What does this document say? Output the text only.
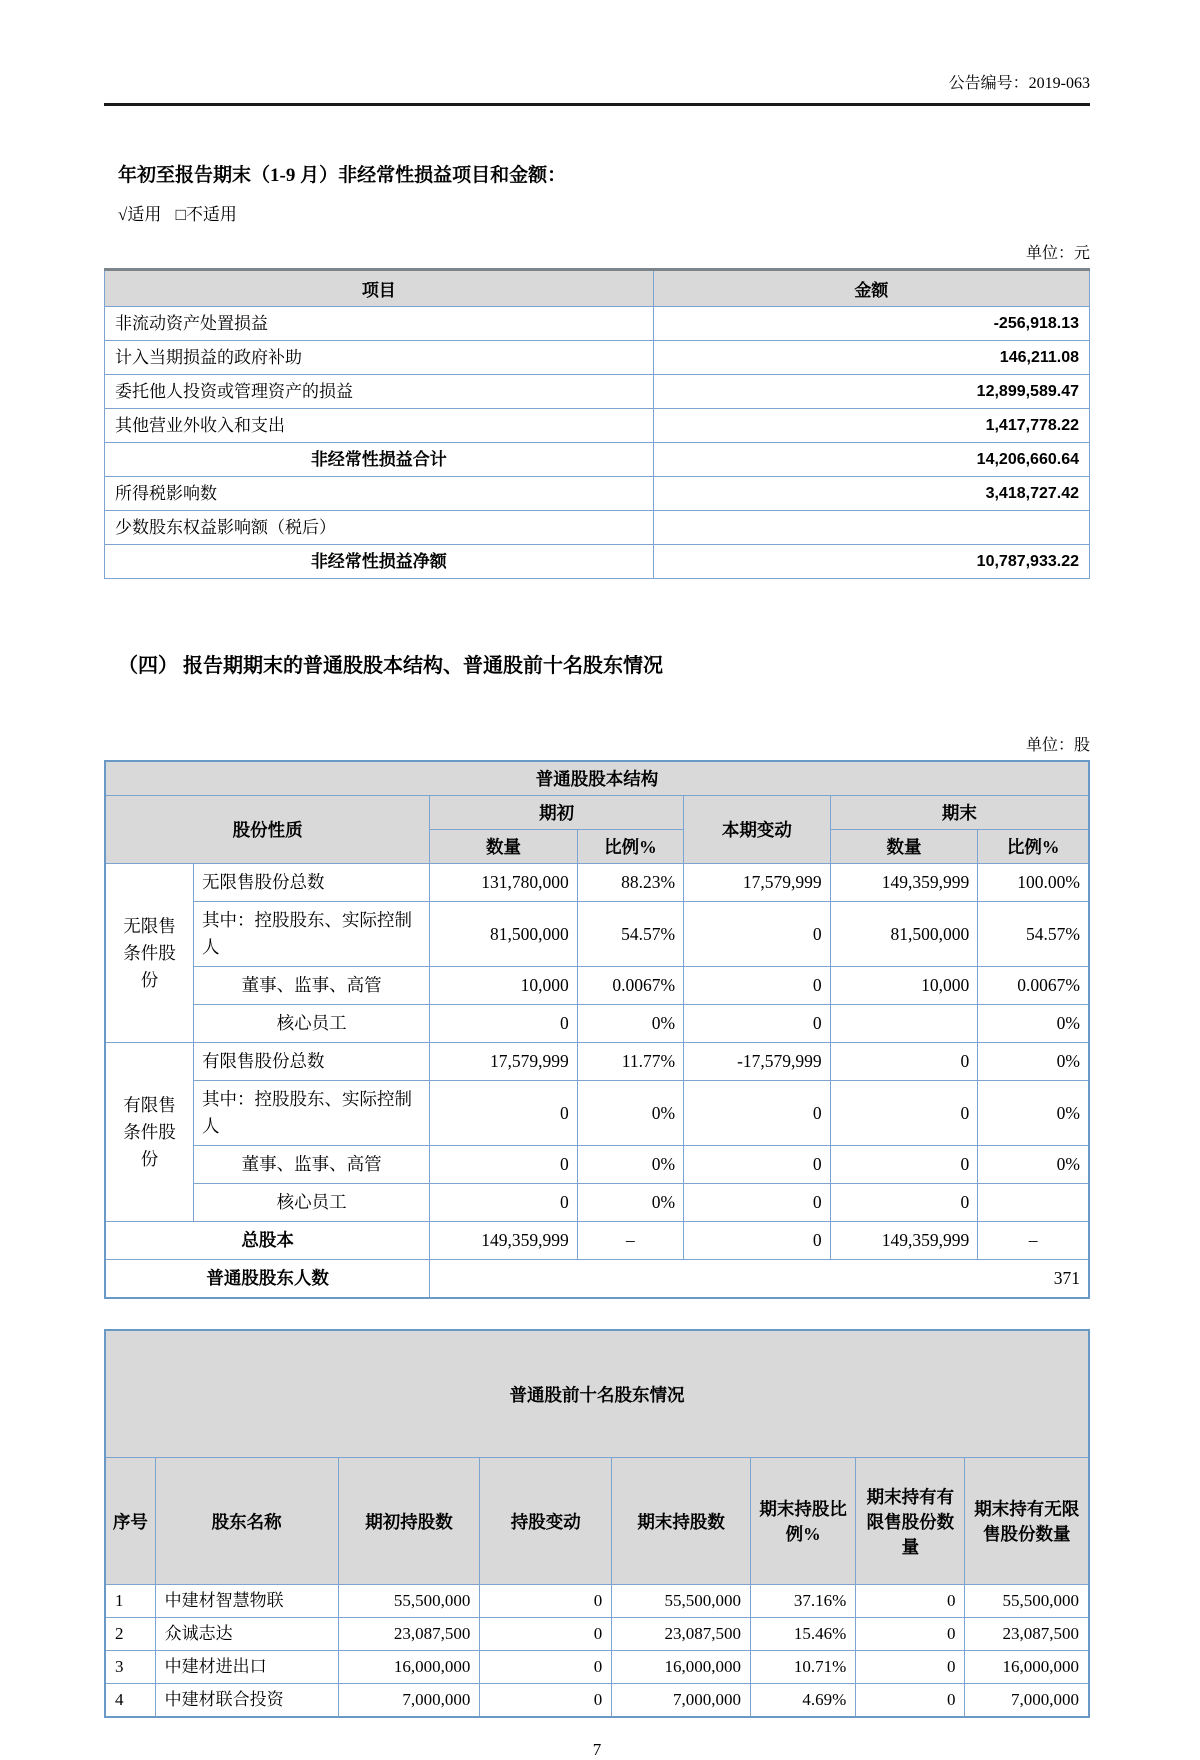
公告编号：2019-063
年初至报告期末（1-9 月）非经常性损益项目和金额：
√适用 □不适用
单位：元
项目	金额
非流动资产处置损益	-256,918.13
计入当期损益的政府补助	146,211.08
委托他人投资或管理资产的损益	12,899,589.47
其他营业外收入和支出	1,417,778.22
非经常性损益合计	14,206,660.64
所得税影响数	3,418,727.42
少数股东权益影响额（税后）	
非经常性损益净额	10,787,933.22
（四） 报告期期末的普通股股本结构、普通股前十名股东情况
单位：股
普通股股本结构						
股份性质		期初		本期变动	期末	
		数量	比例%		数量	比例%
无限售条件股份	无限售股份总数	131,780,000	88.23%	17,579,999	149,359,999	100.00%
	其中：控股股东、实际控制人	81,500,000	54.57%	0	81,500,000	54.57%
	董事、监事、高管	10,000	0.0067%	0	10,000	0.0067%
	核心员工	0	0%	0		0%
有限售条件股份	有限售股份总数	17,579,999	11.77%	-17,579,999	0	0%
	其中：控股股东、实际控制人	0	0%	0	0	0%
	董事、监事、高管	0	0%	0	0	0%
	核心员工	0	0%	0	0	
总股本		149,359,999	–	0	149,359,999	–
普通股股东人数		371				
普通股前十名股东情况							
序号	股东名称	期初持股数	持股变动	期末持股数	期末持股比例%	期末持有有限售股份数量	期末持有无限售股份数量
1	中建材智慧物联	55,500,000	0	55,500,000	37.16%	0	55,500,000
2	众诚志达	23,087,500	0	23,087,500	15.46%	0	23,087,500
3	中建材进出口	16,000,000	0	16,000,000	10.71%	0	16,000,000
4	中建材联合投资	7,000,000	0	7,000,000	4.69%	0	7,000,000
7
